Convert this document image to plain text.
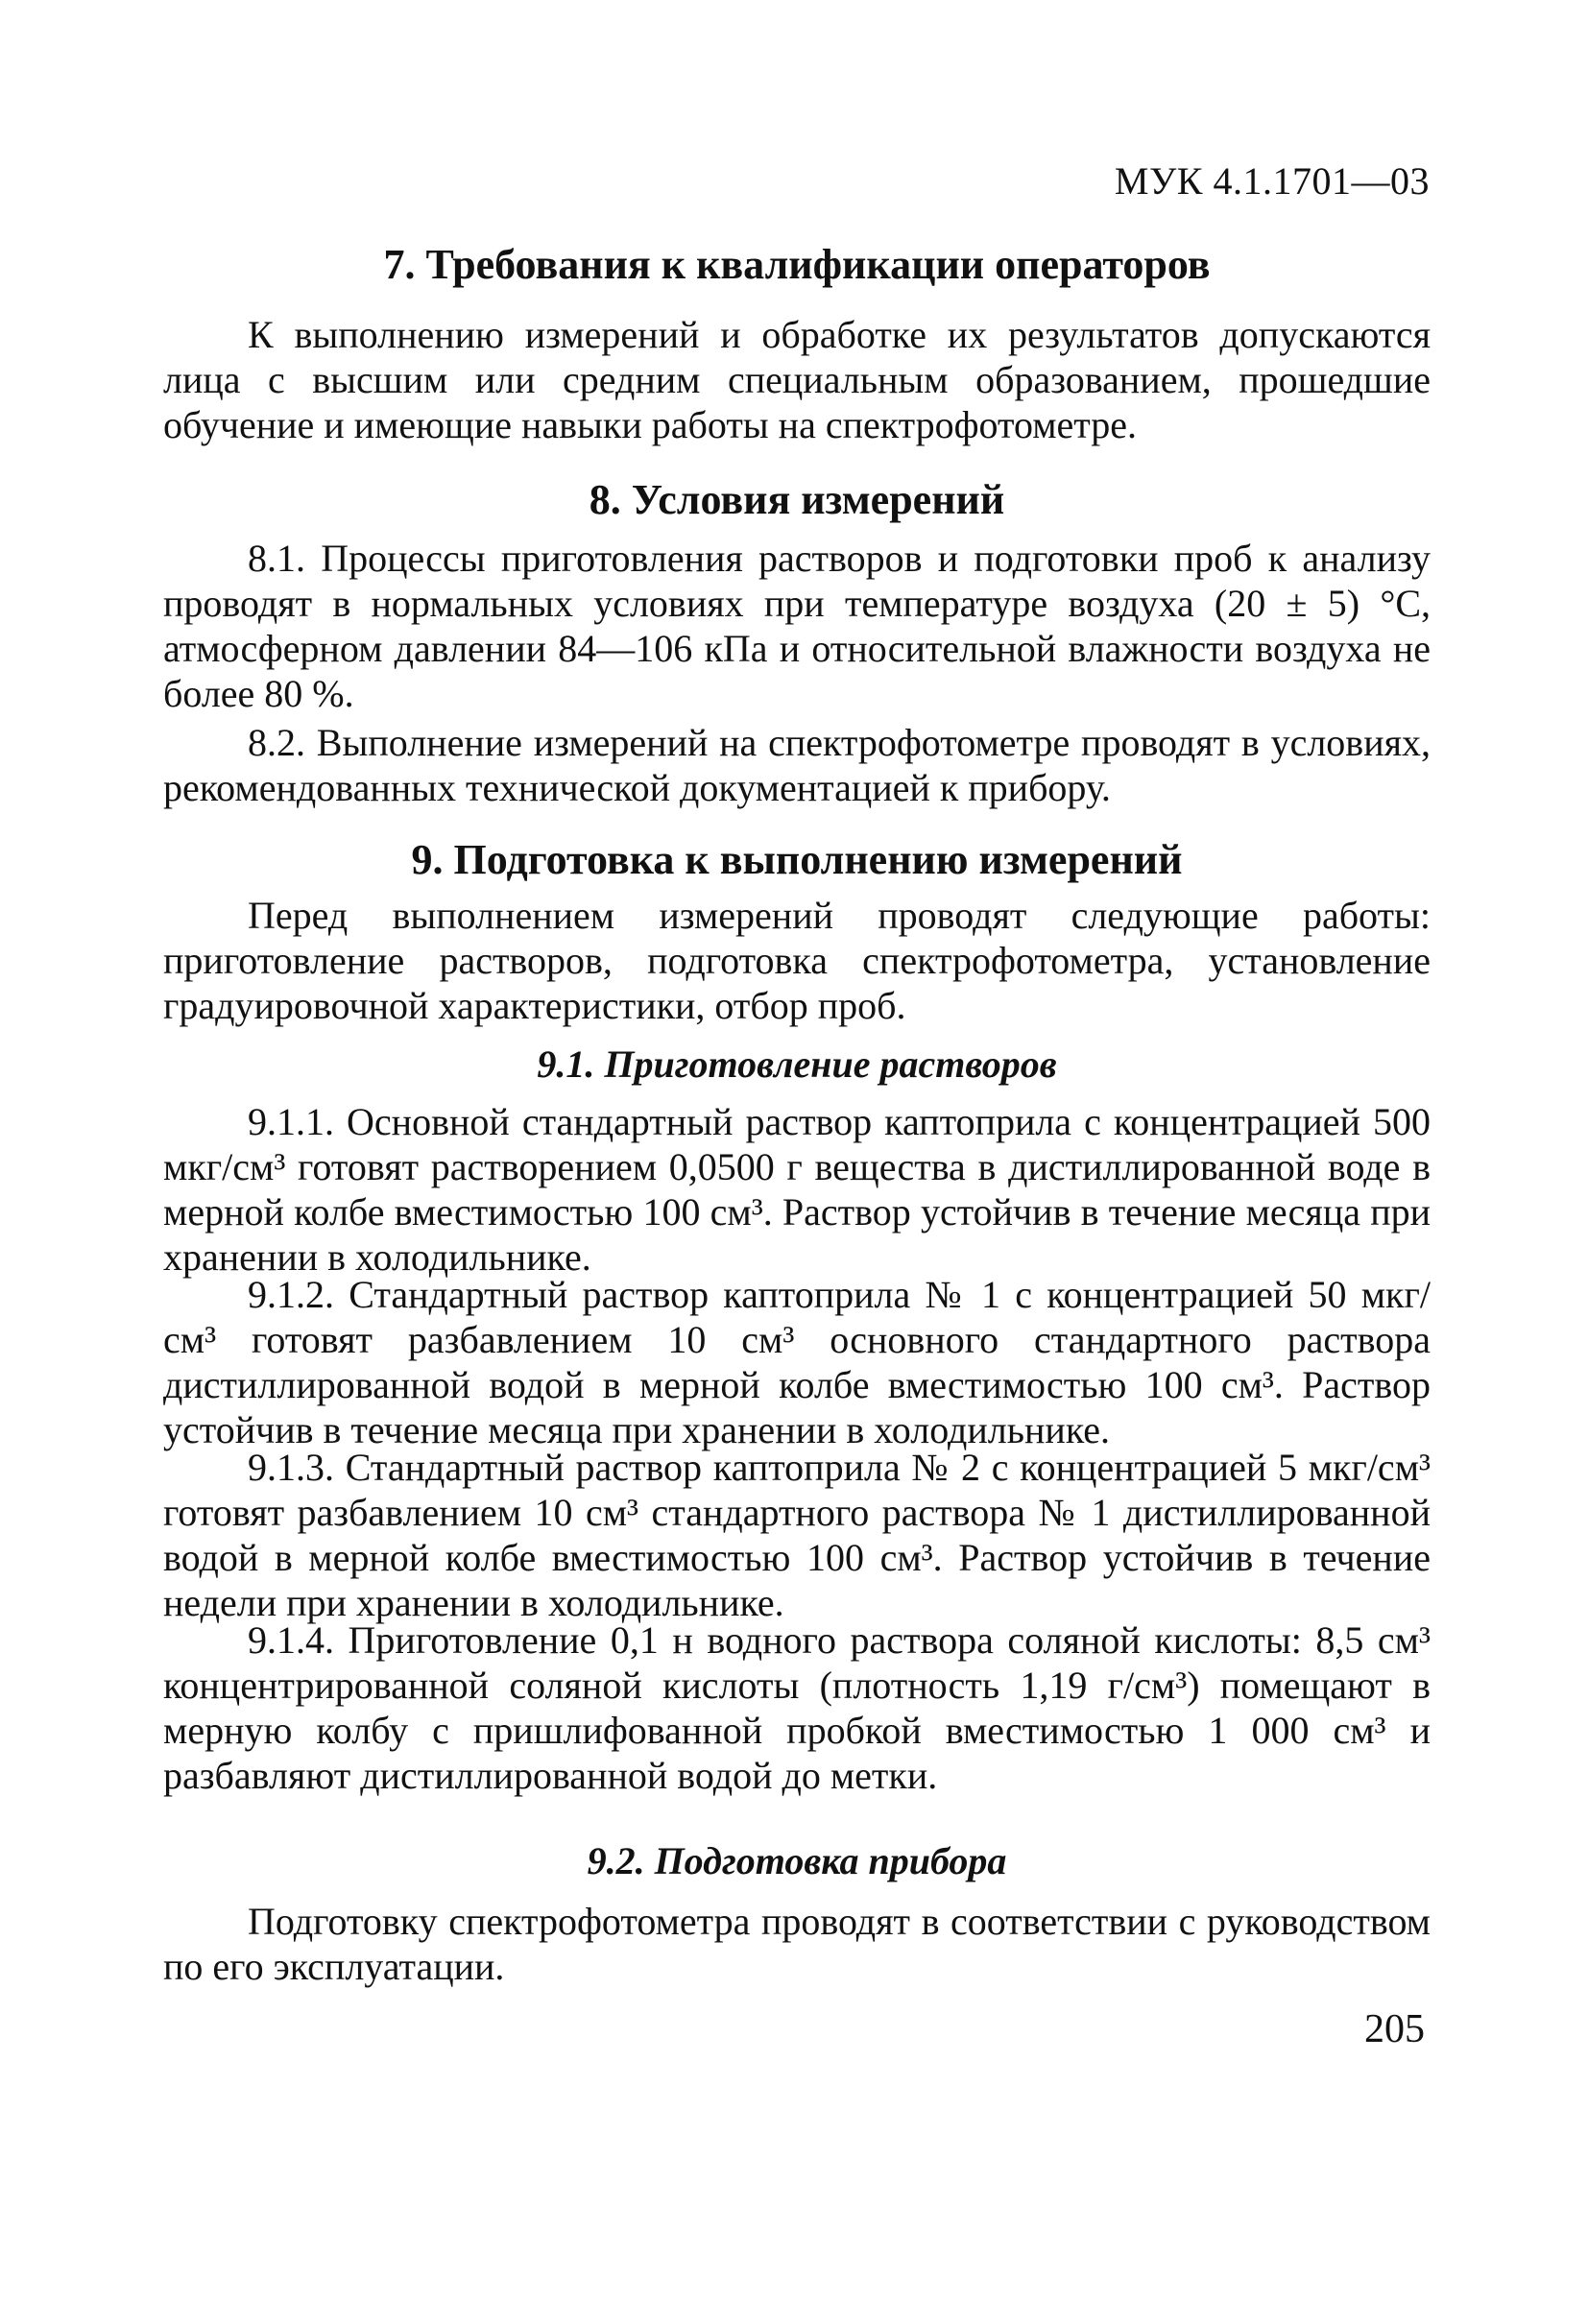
МУК 4.1.1701—03
7. Требования к квалификации операторов

К выполнению измерений и обработке их результатов допускаются лица с высшим или средним специальным образованием, прошедшие обучение и имеющие навыки работы на спектрофотометре.

8. Условия измерений

8.1. Процессы приготовления растворов и подготовки проб к анализу проводят в нормальных условиях при температуре воздуха (20 ± 5) °С, атмосферном давлении 84—106 кПа и относительной влажности воздуха не более 80 %.

8.2. Выполнение измерений на спектрофотометре проводят в условиях, рекомендованных технической документацией к прибору.

9. Подготовка к выполнению измерений

Перед выполнением измерений проводят следующие работы: приготовление растворов, подготовка спектрофотометра, установление градуировочной характеристики, отбор проб.

9.1. Приготовление растворов

9.1.1. Основной стандартный раствор каптоприла с концентрацией 500 мкг/см³ готовят растворением 0,0500 г вещества в дистиллированной воде в мерной колбе вместимостью 100 см³. Раствор устойчив в течение месяца при хранении в холодильнике.

9.1.2. Стандартный раствор каптоприла № 1 с концентрацией 50 мкг/см³ готовят разбавлением 10 см³ основного стандартного раствора дистиллированной водой в мерной колбе вместимостью 100 см³. Раствор устойчив в течение месяца при хранении в холодильнике.

9.1.3. Стандартный раствор каптоприла № 2 с концентрацией 5 мкг/см³ готовят разбавлением 10 см³ стандартного раствора № 1 дистиллированной водой в мерной колбе вместимостью 100 см³. Раствор устойчив в течение недели при хранении в холодильнике.

9.1.4. Приготовление 0,1 н водного раствора соляной кислоты: 8,5 см³ концентрированной соляной кислоты (плотность 1,19 г/см³) помещают в мерную колбу с пришлифованной пробкой вместимостью 1 000 см³ и разбавляют дистиллированной водой до метки.

9.2. Подготовка прибора

Подготовку спектрофотометра проводят в соответствии с руководством по его эксплуатации.

205
